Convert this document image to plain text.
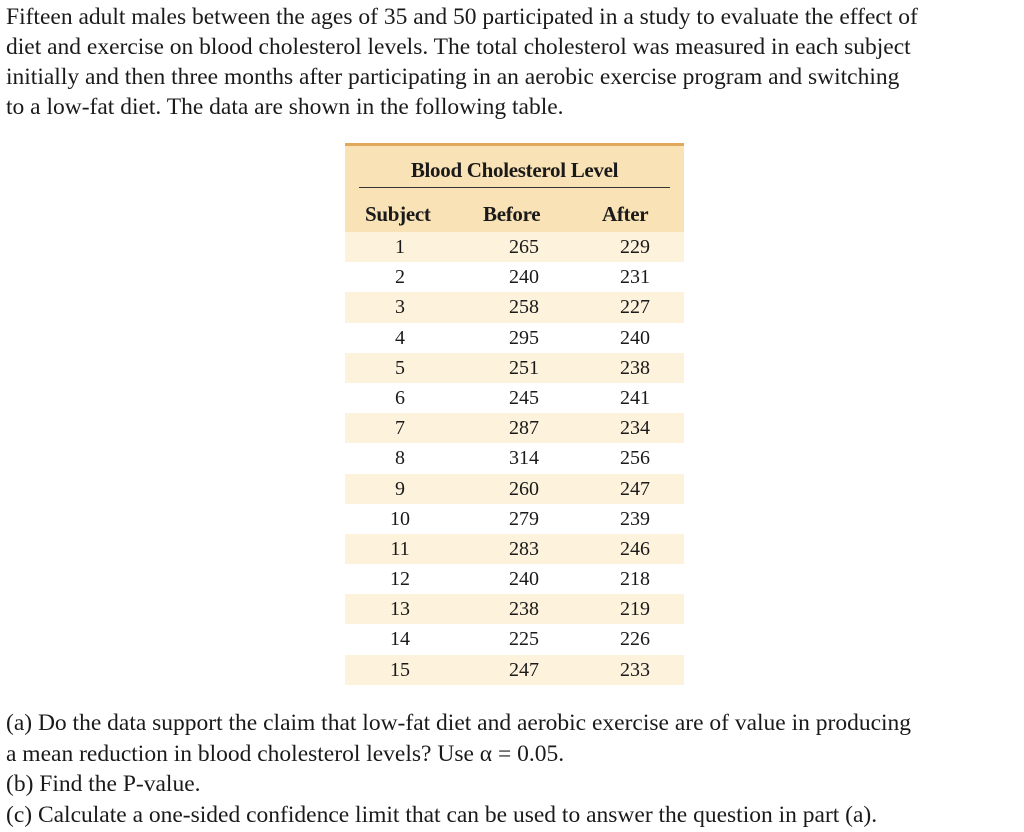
Fifteen adult males between the ages of 35 and 50 participated in a study to evaluate the effect of
diet and exercise on blood cholesterol levels. The total cholesterol was measured in each subject
initially and then three months after participating in an aerobic exercise program and switching
to a low-fat diet. The data are shown in the following table.
Blood Cholesterol Level
Subject Before	After
1	265	229
2	240	231
3	258	227
4	295	240
5	251	238
6	245	241
7	287	234
8	314	256
9	260	247
10	279	239
11	283	246
12	240	218
13	238	219
14	225	226
15	247	233
(a) Do the data support the claim that low-fat diet and aerobic exercise are of value in producing
a mean reduction in blood cholesterol levels? Use α = 0.05.
(b) Find the P-value.
(c) Calculate a one-sided confidence limit that can be used to answer the question in part (a).
